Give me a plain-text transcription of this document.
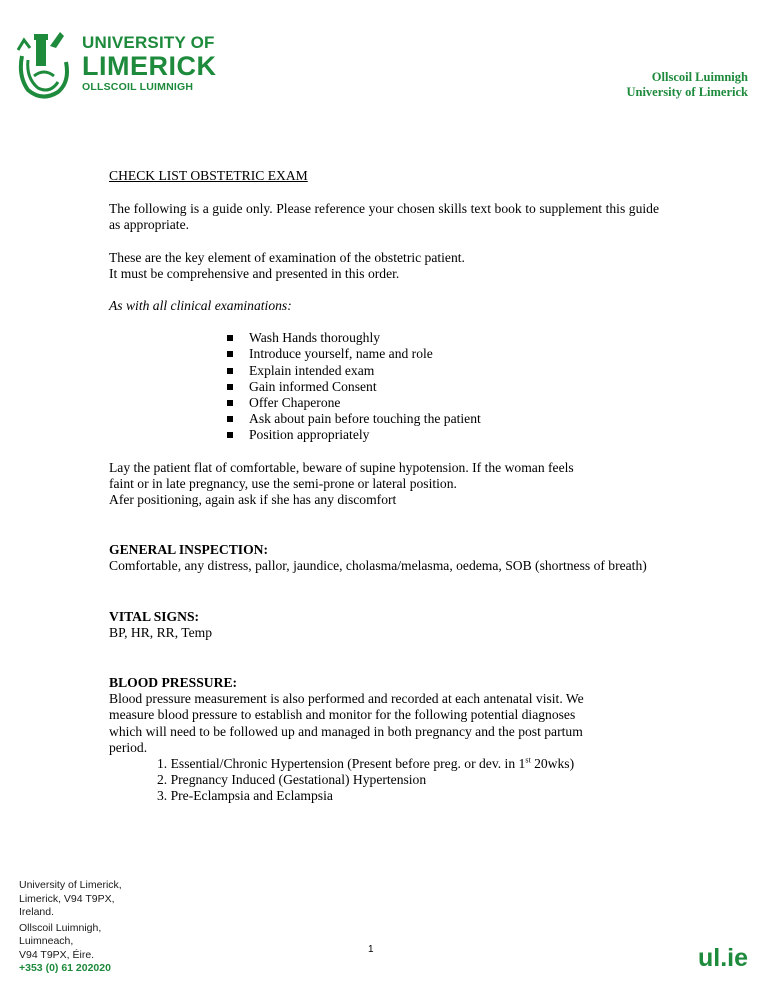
UNIVERSITY OF
LIMERICK
OLLSCOIL LUIMNIGH
Ollscoil Luimnigh
University of Limerick

CHECK LIST OBSTETRIC EXAM

The following is a guide only. Please reference your chosen skills text book to supplement this guide as appropriate.

These are the key element of examination of the obstetric patient.

It must be comprehensive and presented in this order.

As with all clinical examinations:

Wash Hands thoroughly
Introduce yourself, name and role
Explain intended exam
Gain informed Consent
Offer Chaperone
Ask about pain before touching the patient
Position appropriately

Lay the patient flat of comfortable, beware of supine hypotension. If the woman feels

faint or in late pregnancy, use the semi-prone or lateral position.

Afer positioning, again ask if she has any discomfort

GENERAL INSPECTION:

Comfortable, any distress, pallor, jaundice, cholasma/melasma, oedema, SOB (shortness of breath)

VITAL SIGNS:

BP, HR, RR, Temp

BLOOD PRESSURE:

Blood pressure measurement is also performed and recorded at each antenatal visit. We

measure blood pressure to establish and monitor for the following potential diagnoses

which will need to be followed up and managed in both pregnancy and the post partum

period.

1. Essential/Chronic Hypertension (Present before preg. or dev. in 1st 20wks)
2. Pregnancy Induced (Gestational) Hypertension
3. Pre-Eclampsia and Eclampsia
University of Limerick,
Limerick, V94 T9PX,
Ireland.
Ollscoil Luimnigh,
Luimneach,
V94 T9PX, Éire.
+353 (0) 61 202020
1	ul.ie
